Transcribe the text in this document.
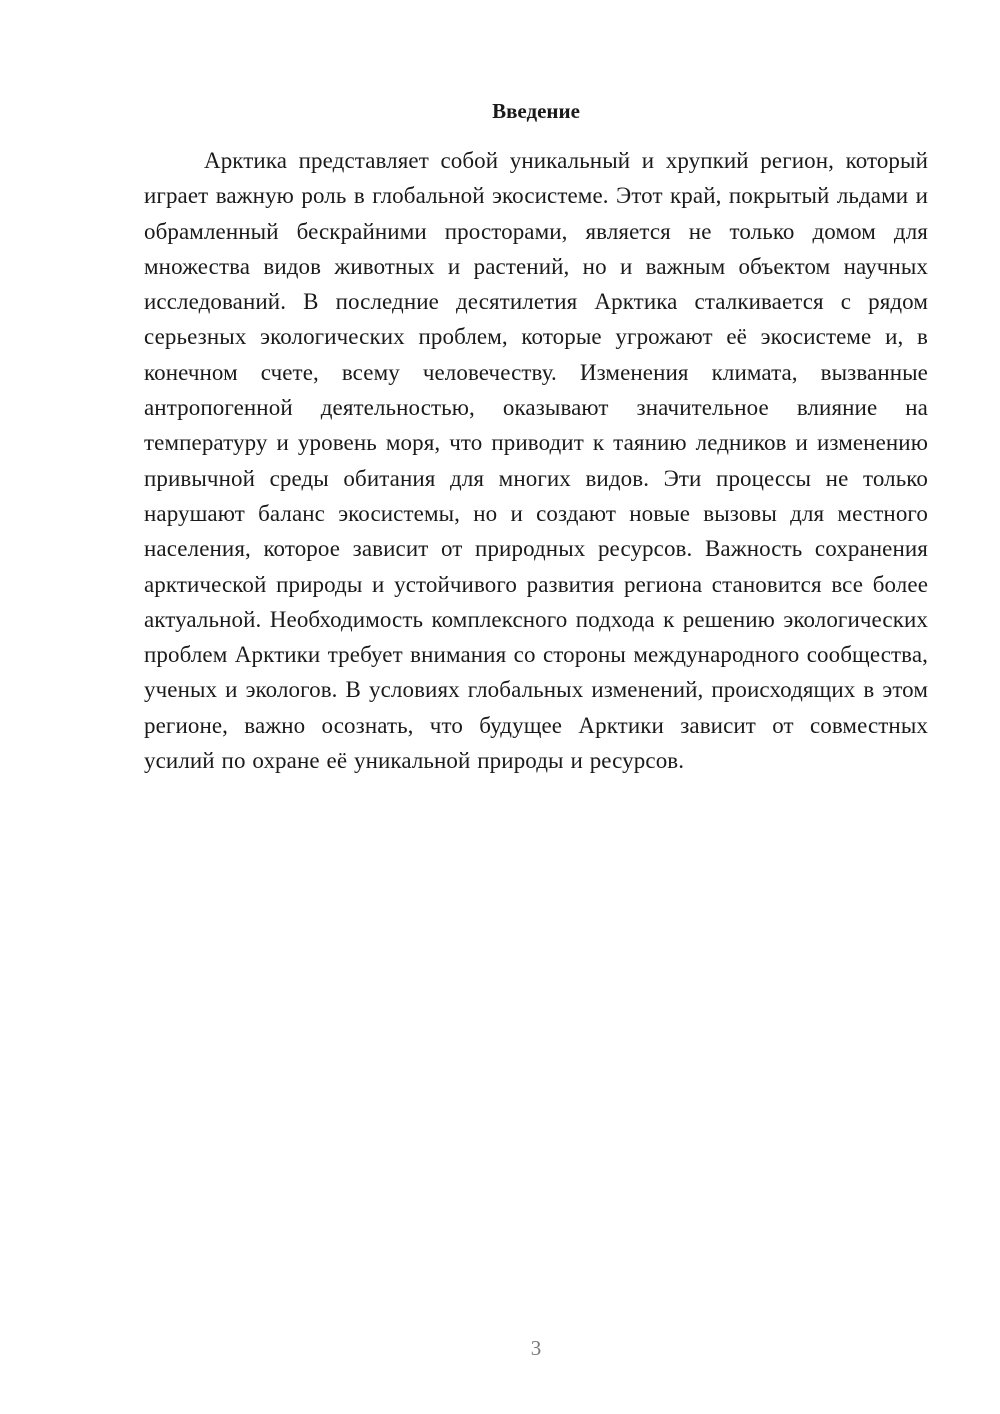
Введение

Арктика представляет собой уникальный и хрупкий регион, который играет важную роль в глобальной экосистеме. Этот край, покрытый льдами и обрамленный бескрайними просторами, является не только домом для множества видов животных и растений, но и важным объектом научных исследований. В последние десятилетия Арктика сталкивается с рядом серьезных экологических проблем, которые угрожают её экосистеме и, в конечном счете, всему человечеству. Изменения климата, вызванные антропогенной деятельностью, оказывают значительное влияние на температуру и уровень моря, что приводит к таянию ледников и изменению привычной среды обитания для многих видов. Эти процессы не только нарушают баланс экосистемы, но и создают новые вызовы для местного населения, которое зависит от природных ресурсов. Важность сохранения арктической природы и устойчивого развития региона становится все более актуальной. Необходимость комплексного подхода к решению экологических проблем Арктики требует внимания со стороны международного сообщества, ученых и экологов. В условиях глобальных изменений, происходящих в этом регионе, важно осознать, что будущее Арктики зависит от совместных усилий по охране её уникальной природы и ресурсов.

3
